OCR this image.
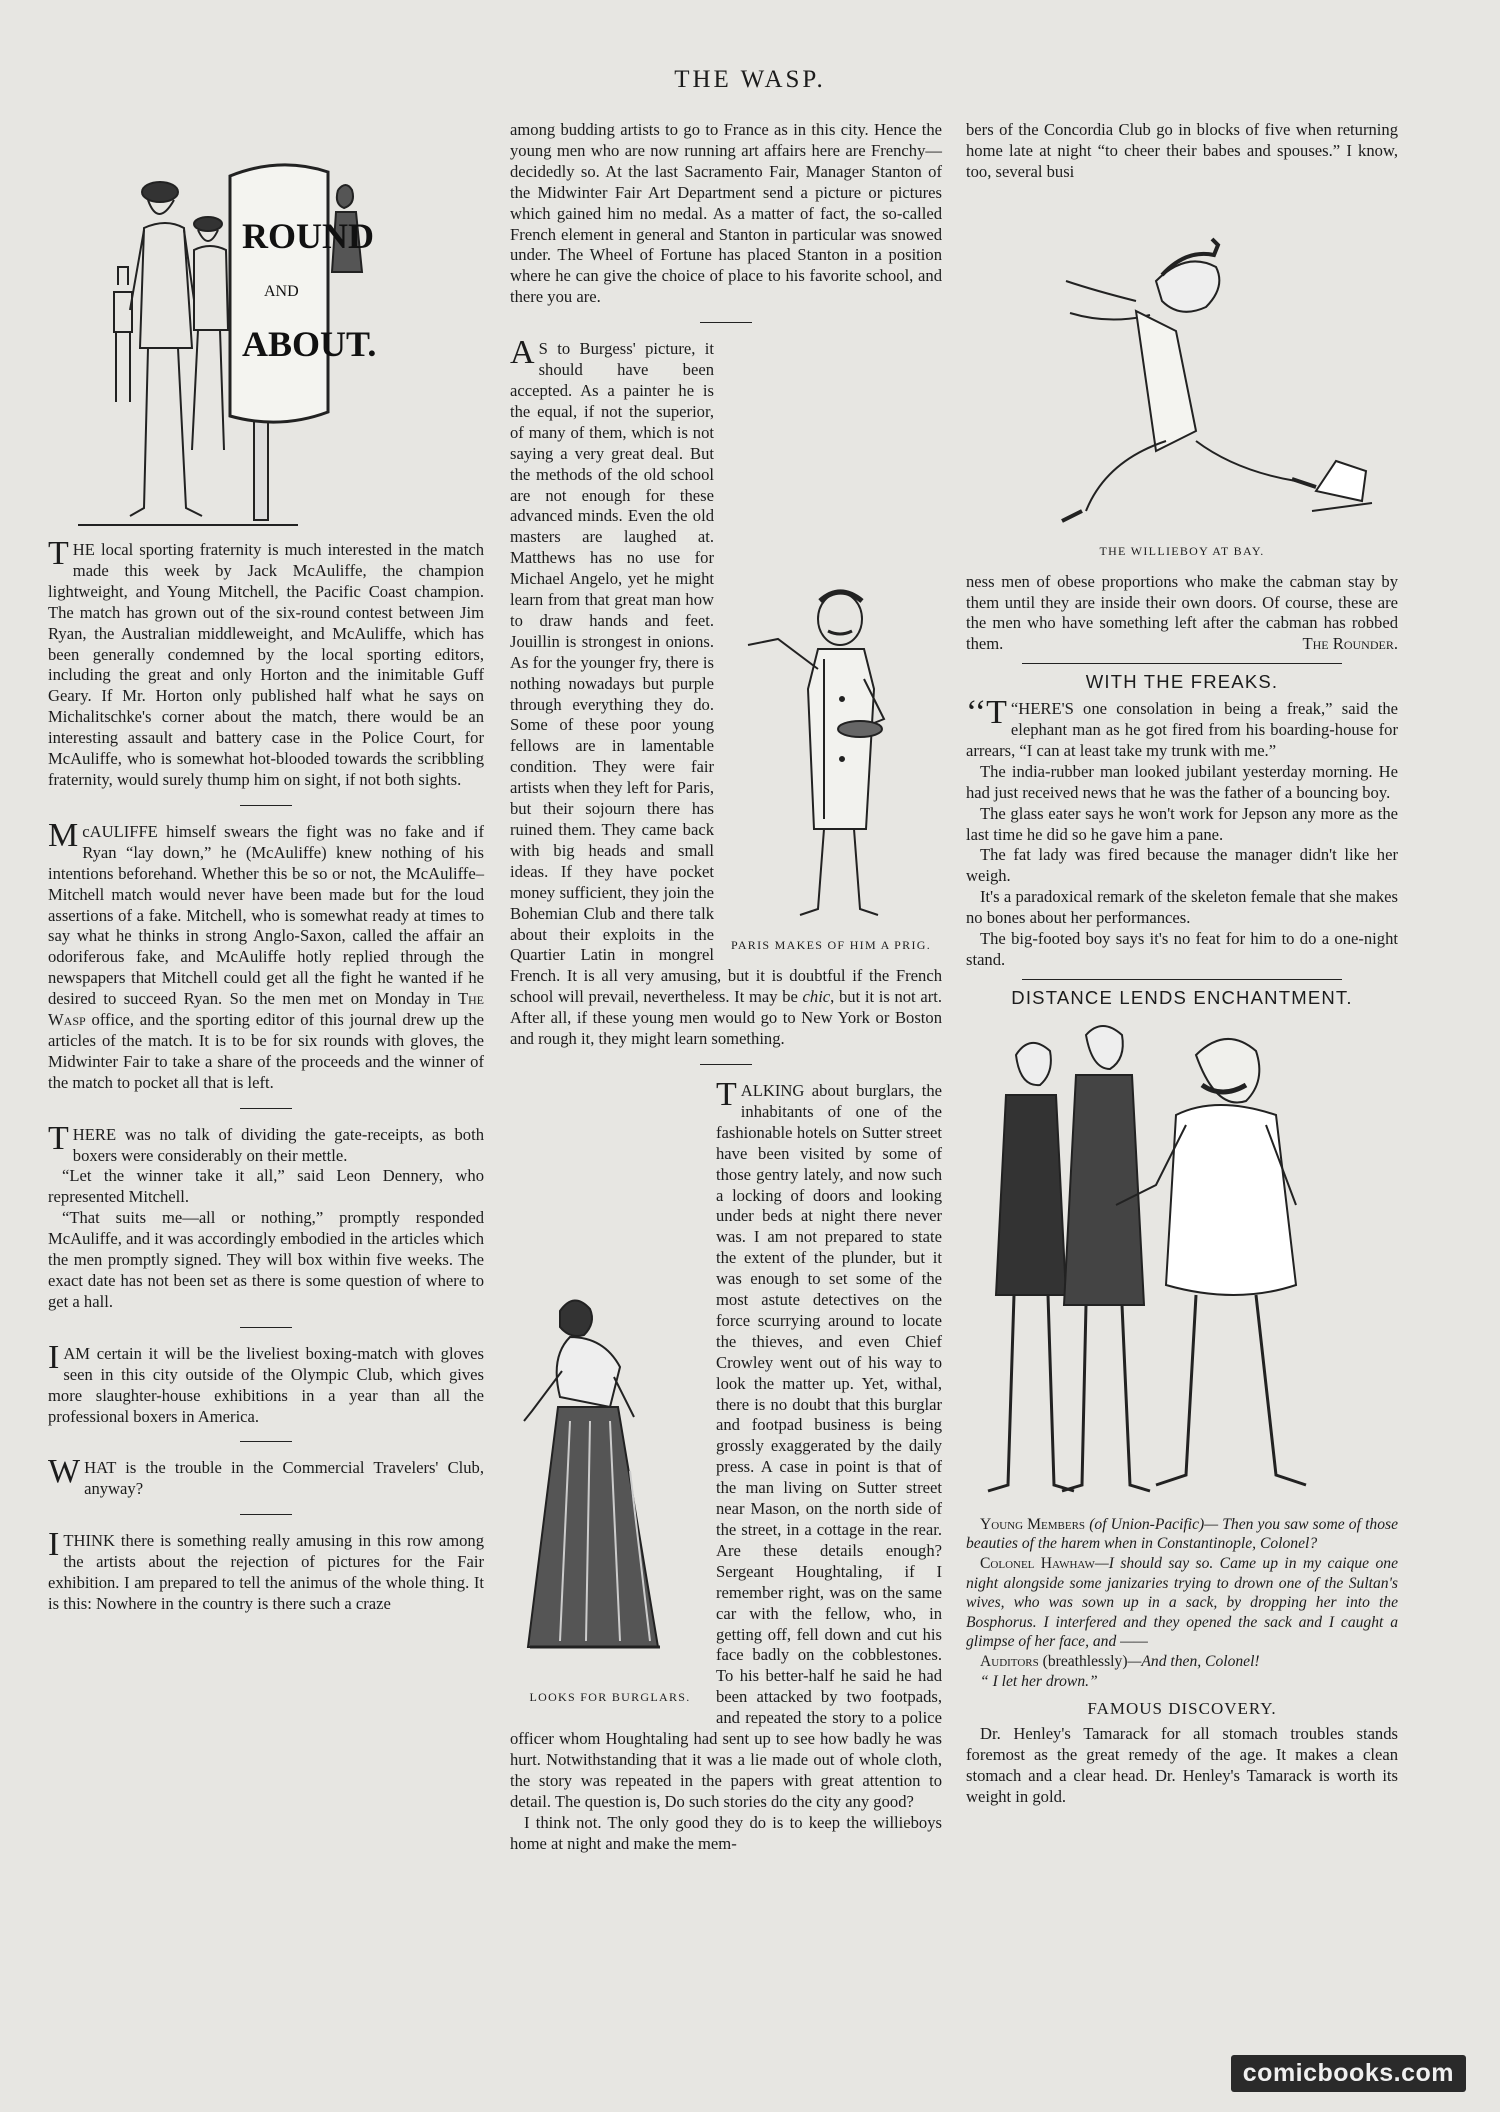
THE WASP.
ROUND
AND
ABOUT.

THE local sporting fraternity is much interested in the match made this week by Jack McAuliffe, the champion lightweight, and Young Mitchell, the Pacific Coast champion. The match has grown out of the six-round contest between Jim Ryan, the Australian middleweight, and McAuliffe, which has been generally condemned by the local sporting editors, including the great and only Horton and the inimitable Guff Geary. If Mr. Horton only published half what he says on Michalitschke's corner about the match, there would be an interesting assault and battery case in the Police Court, for McAuliffe, who is somewhat hot-blooded towards the scribbling fraternity, would surely thump him on sight, if not both sights.

McAULIFFE himself swears the fight was no fake and if Ryan “lay down,” he (McAuliffe) knew nothing of his intentions beforehand. Whether this be so or not, the McAuliffe–Mitchell match would never have been made but for the loud assertions of a fake. Mitchell, who is somewhat ready at times to say what he thinks in strong Anglo-Saxon, called the affair an odoriferous fake, and McAuliffe hotly replied through the newspapers that Mitchell could get all the fight he wanted if he desired to succeed Ryan. So the men met on Monday in The Wasp office, and the sporting editor of this journal drew up the articles of the match. It is to be for six rounds with gloves, the Midwinter Fair to take a share of the proceeds and the winner of the match to pocket all that is left.

THERE was no talk of dividing the gate-receipts, as both boxers were considerably on their mettle.

“Let the winner take it all,” said Leon Dennery, who represented Mitchell.

“That suits me—all or nothing,” promptly responded McAuliffe, and it was accordingly embodied in the articles which the men promptly signed. They will box within five weeks. The exact date has not been set as there is some question of where to get a hall.

IAM certain it will be the liveliest boxing-match with gloves seen in this city outside of the Olympic Club, which gives more slaughter-house exhibitions in a year than all the professional boxers in America.

WHAT is the trouble in the Commercial Travelers' Club, anyway?

ITHINK there is something really amusing in this row among the artists about the rejection of pictures for the Fair exhibition. I am prepared to tell the animus of the whole thing. It is this: Nowhere in the country is there such a craze

among budding artists to go to France as in this city. Hence the young men who are now running art affairs here are Frenchy—decidedly so. At the last Sacramento Fair, Manager Stanton of the Midwinter Fair Art Department send a picture or pictures which gained him no medal. As a matter of fact, the so-called French element in general and Stanton in particular was snowed under. The Wheel of Fortune has placed Stanton in a position where he can give the choice of place to his favorite school, and there you are.

PARIS MAKES OF HIM A PRIG.

A S to Burgess' picture, it should have been accepted. As a painter he is the equal, if not the superior, of many of them, which is not saying a very great deal. But the methods of the old school are not enough for these advanced minds. Even the old masters are laughed at. Matthews has no use for Michael Angelo, yet he might learn from that great man how to draw hands and feet. Jouillin is strongest in onions. As for the younger fry, there is nothing nowadays but purple through everything they do. Some of these poor young fellows are in lamentable condition. They were fair artists when they left for Paris, but their sojourn there has ruined them. They came back with big heads and small ideas. If they have pocket money sufficient, they join the Bohemian Club and there talk about their exploits in the Quartier Latin in mongrel French. It is all very amusing, but it is doubtful if the French school will prevail, nevertheless. It may be chic, but it is not art. After all, if these young men would go to New York or Boston and rough it, they might learn something.

LOOKS FOR BURGLARS.

TALKING about burglars, the inhabitants of one of the fashionable hotels on Sutter street have been visited by some of those gentry lately, and now such a locking of doors and looking under beds at night there never was. I am not prepared to state the extent of the plunder, but it was enough to set some of the most astute detectives on the force scurrying around to locate the thieves, and even Chief Crowley went out of his way to look the matter up. Yet, withal, there is no doubt that this burglar and footpad business is being grossly exaggerated by the daily press. A case in point is that of the man living on Sutter street near Mason, on the north side of the street, in a cottage in the rear. Are these details enough? Sergeant Houghtaling, if I remember right, was on the same car with the fellow, who, in getting off, fell down and cut his face badly on the cobblestones. To his better-half he said he had been attacked by two footpads, and repeated the story to a police officer whom Houghtaling had sent up to see how badly he was hurt. Notwithstanding that it was a lie made out of whole cloth, the story was repeated in the papers with great attention to detail. The question is, Do such stories do the city any good?

I think not. The only good they do is to keep the willieboys home at night and make the mem-

bers of the Concordia Club go in blocks of five when returning home late at night “to cheer their babes and spouses.” I know, too, several busi

THE WILLIEBOY AT BAY.

ness men of obese proportions who make the cabman stay by them until they are inside their own doors. Of course, these are the men who have something left after the cabman has robbed them.	The Rounder.
WITH THE FREAKS.

‘‘T “HERE'S one consolation in being a freak,” said the elephant man as he got fired from his boarding-house for arrears, “I can at least take my trunk with me.”

The india-rubber man looked jubilant yesterday morning. He had just received news that he was the father of a bouncing boy.

The glass eater says he won't work for Jepson any more as the last time he did so he gave him a pane.

The fat lady was fired because the manager didn't like her weigh.

It's a paradoxical remark of the skeleton female that she makes no bones about her performances.

The big-footed boy says it's no feat for him to do a one-night stand.

DISTANCE LENDS ENCHANTMENT.

Young Members (of Union-Pacific)— Then you saw some of those beauties of the harem when in Constantinople, Colonel?

Colonel Hawhaw—I should say so. Came up in my caique one night alongside some janizaries trying to drown one of the Sultan's wives, who was sown up in a sack, by dropping her into the Bosphorus. I interfered and they opened the sack and I caught a glimpse of her face, and ——

Auditors (breathlessly)—And then, Colonel!

“ I let her drown.”

FAMOUS DISCOVERY.

Dr. Henley's Tamarack for all stomach troubles stands foremost as the great remedy of the age. It makes a clean stomach and a clear head. Dr. Henley's Tamarack is worth its weight in gold.

comicbooks.com
